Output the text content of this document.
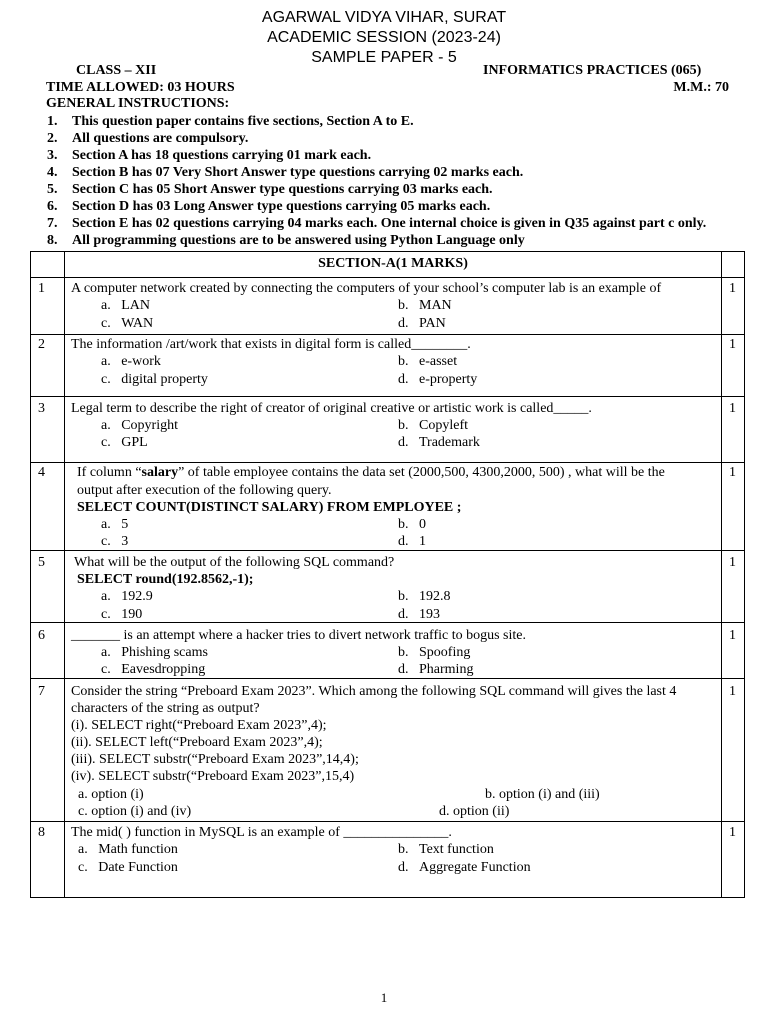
AGARWAL VIDYA VIHAR, SURAT
ACADEMIC SESSION (2023-24)
SAMPLE PAPER - 5
CLASS – XII	INFORMATICS PRACTICES (065)
TIME ALLOWED: 03 HOURS	M.M.: 70
GENERAL INSTRUCTIONS:
1. This question paper contains five sections, Section A to E.
2. All questions are compulsory.
3. Section A has 18 questions carrying 01 mark each.
4. Section B has 07 Very Short Answer type questions carrying 02 marks each.
5. Section C has 05 Short Answer type questions carrying 03 marks each.
6. Section D has 03 Long Answer type questions carrying 05 marks each.
7. Section E has 02 questions carrying 04 marks each. One internal choice is given in Q35 against part c only.
8. All programming questions are to be answered using Python Language only
SECTION-A(1 MARKS)
1 A computer network created by connecting the computers of your school’s computer lab is an example of
a. LAN	b. MAN
c. WAN	d. PAN
1
2 The information /art/work that exists in digital form is called________.
a. e-work	b. e-asset
c. digital property	d. e-property
1
3 Legal term to describe the right of creator of original creative or artistic work is called_____.
a. Copyright	b. Copyleft
c. GPL	d. Trademark
1
4 If column “salary” of table employee contains the data set (2000,500, 4300,2000, 500) , what will be the
output after execution of the following query.
SELECT COUNT(DISTINCT SALARY) FROM EMPLOYEE ;
a. 5	b. 0
c. 3	d. 1
1
5 What will be the output of the following SQL command?
SELECT round(192.8562,-1);
a. 192.9	b. 192.8
c. 190	d. 193
1
6 _______ is an attempt where a hacker tries to divert network traffic to bogus site.
a. Phishing scams	b. Spoofing
c. Eavesdropping	d. Pharming
1
7 Consider the string “Preboard Exam 2023”. Which among the following SQL command will gives the last 4
characters of the string as output?
(i). SELECT right(“Preboard Exam 2023”,4);
(ii). SELECT left(“Preboard Exam 2023”,4);
(iii). SELECT substr(“Preboard Exam 2023”,14,4);
(iv). SELECT substr(“Preboard Exam 2023”,15,4)
a. option (i)	b. option (i) and (iii)
c. option (i) and (iv)	d. option (ii)
1
8 The mid( ) function in MySQL is an example of _______________.
a. Math function	b. Text function
c. Date Function	d. Aggregate Function
1
1
